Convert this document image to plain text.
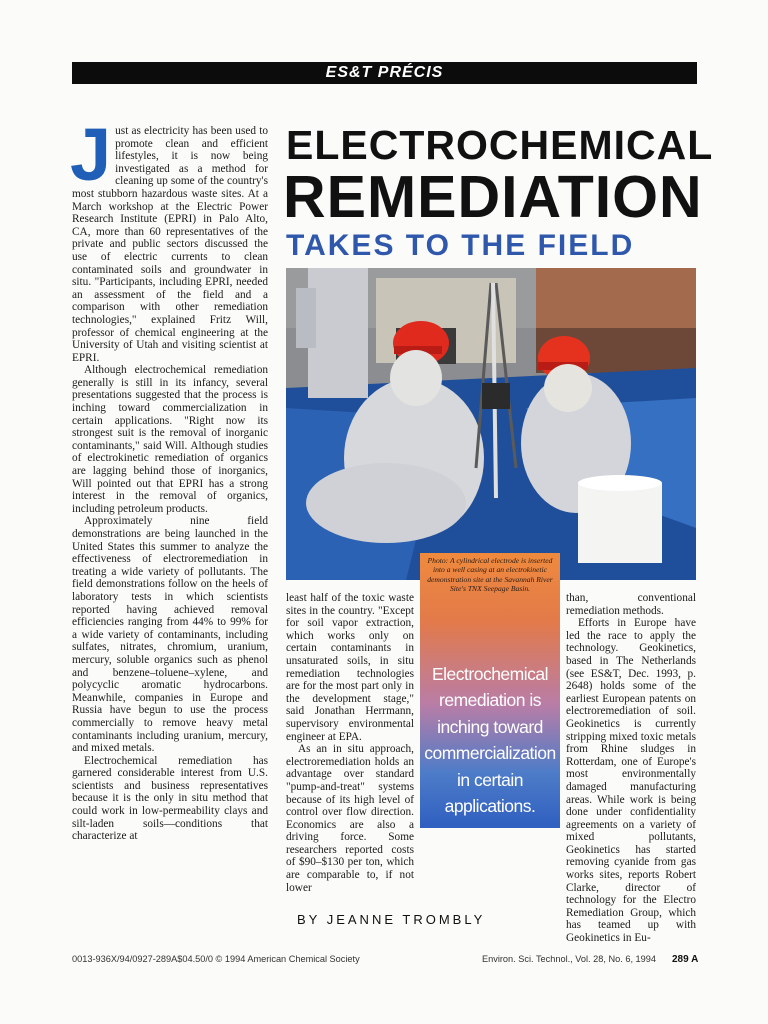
ES&T PRÉCIS

J ust as electricity has been used to promote clean and efficient lifestyles, it is now being investigated as a method for cleaning up some of the country's most stubborn hazardous waste sites. At a March workshop at the Electric Power Research Institute (EPRI) in Palo Alto, CA, more than 60 representatives of the private and public sectors discussed the use of electric currents to clean contaminated soils and groundwater in situ. "Participants, including EPRI, needed an assessment of the field and a comparison with other remediation technologies," explained Fritz Will, professor of chemical engineering at the University of Utah and visiting scientist at EPRI.

Although electrochemical remediation generally is still in its infancy, several presentations suggested that the process is inching toward commercialization in certain applications. "Right now its strongest suit is the removal of inorganic contaminants," said Will. Although studies of electrokinetic remediation of organics are lagging behind those of inorganics, Will pointed out that EPRI has a strong interest in the removal of organics, including petroleum products.

Approximately nine field demonstrations are being launched in the United States this summer to analyze the effectiveness of electroremediation in treating a wide variety of pollutants. The field demonstrations follow on the heels of laboratory tests in which scientists reported having achieved removal efficiencies ranging from 44% to 99% for a wide variety of contaminants, including sulfates, nitrates, chromium, uranium, mercury, soluble organics such as phenol and benzene–toluene–xylene, and polycyclic aromatic hydrocarbons. Meanwhile, companies in Europe and Russia have begun to use the process commercially to remove heavy metal contaminants including uranium, mercury, and mixed metals.

Electrochemical remediation has garnered considerable interest from U.S. scientists and business representatives because it is the only in situ method that could work in low-permeability clays and silt-laden soils—conditions that characterize at

ELECTROCHEMICAL
REMEDIATION
TAKES TO THE FIELD

least half of the toxic waste sites in the country. "Except for soil vapor extraction, which works only on certain contaminants in unsaturated soils, in situ remediation technologies are for the most part only in the development stage," said Jonathan Herrmann, supervisory environmental engineer at EPA.

As an in situ approach, electroremediation holds an advantage over standard "pump-and-treat" systems because of its high level of control over flow direction. Economics are also a driving force. Some researchers reported costs of $90–$130 per ton, which are comparable to, if not lower

than, conventional remediation methods.

Efforts in Europe have led the race to apply the technology. Geokinetics, based in The Netherlands (see ES&T, Dec. 1993, p. 2648) holds some of the earliest European patents on electroremediation of soil. Geokinetics is currently stripping mixed toxic metals from Rhine sludges in Rotterdam, one of Europe's most environmentally damaged manufacturing areas. While work is being done under confidentiality agreements on a variety of mixed pollutants, Geokinetics has started removing cyanide from gas works sites, reports Robert Clarke, director of technology for the Electro Remediation Group, which has teamed up with Geokinetics in Eu-

Photo: A cylindrical electrode is inserted into a well casing at an electrokinetic demonstration site at the Savannah River Site's TNX Seepage Basin.
Electrochemical
remediation is
inching toward
commercialization
in certain
applications.
BY JEANNE TROMBLY
0013-936X/94/0927-289A$04.50/0 © 1994 American Chemical Society	Environ. Sci. Technol., Vol. 28, No. 6, 1994 289 A
